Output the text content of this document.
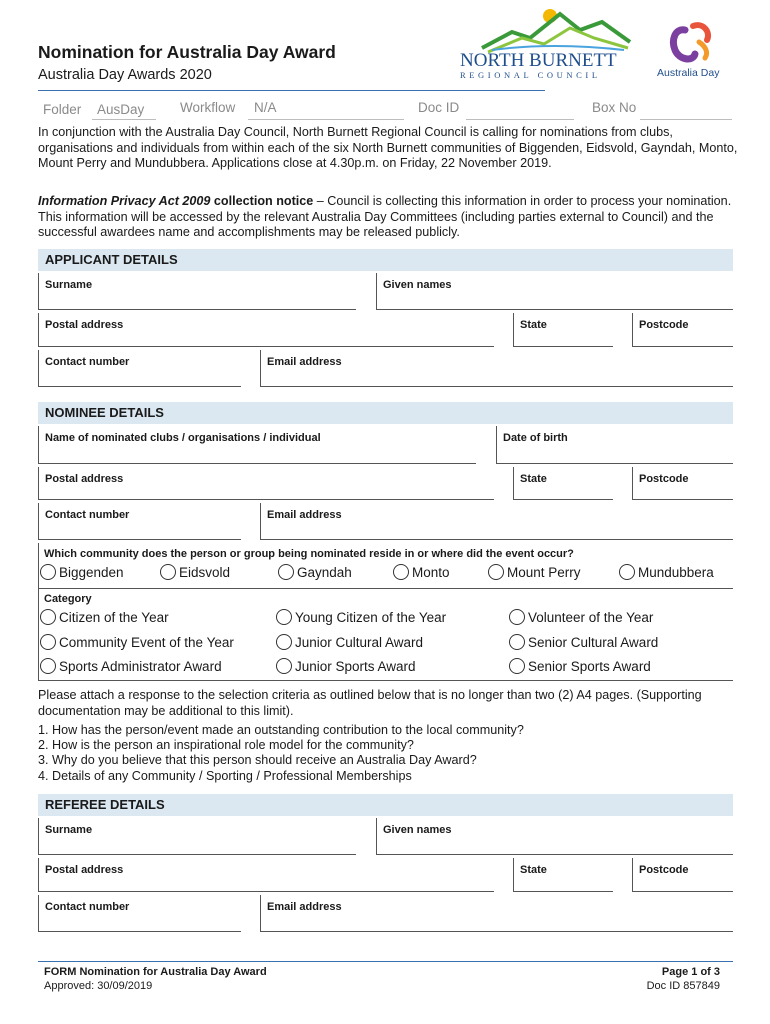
Nomination for Australia Day Award
Australia Day Awards 2020
NORTH BURNETT
REGIONAL COUNCIL	Australia Day
Folder AusDay	Workflow N/A	Doc ID	Box No
In conjunction with the Australia Day Council, North Burnett Regional Council is calling for nominations from clubs, organisations and individuals from within each of the six North Burnett communities of Biggenden, Eidsvold, Gayndah, Monto, Mount Perry and Mundubbera. Applications close at 4.30p.m. on Friday, 22 November 2019.
Information Privacy Act 2009 collection notice – Council is collecting this information in order to process your nomination. This information will be accessed by the relevant Australia Day Committees (including parties external to Council) and the successful awardees name and accomplishments may be released publicly.
APPLICANT DETAILS
Surname	Given names
Postal address	State	Postcode
Contact number	Email address
NOMINEE DETAILS
Name of nominated clubs / organisations / individual	Date of birth
Postal address	State	Postcode
Contact number	Email address
Which community does the person or group being nominated reside in or where did the event occur?
Biggenden	Eidsvold	Gayndah	Monto	Mount Perry	Mundubbera
Category
Citizen of the Year	Young Citizen of the Year	Volunteer of the Year
Community Event of the Year	Junior Cultural Award	Senior Cultural Award
Sports Administrator Award	Junior Sports Award	Senior Sports Award
Please attach a response to the selection criteria as outlined below that is no longer than two (2) A4 pages. (Supporting documentation may be additional to this limit).
1. How has the person/event made an outstanding contribution to the local community?
2. How is the person an inspirational role model for the community?
3. Why do you believe that this person should receive an Australia Day Award?
4. Details of any Community / Sporting / Professional Memberships
REFEREE DETAILS
Surname	Given names
Postal address	State	Postcode
Contact number	Email address
FORM Nomination for Australia Day Award
Approved: 30/09/2019
Page 1 of 3
Doc ID 857849
